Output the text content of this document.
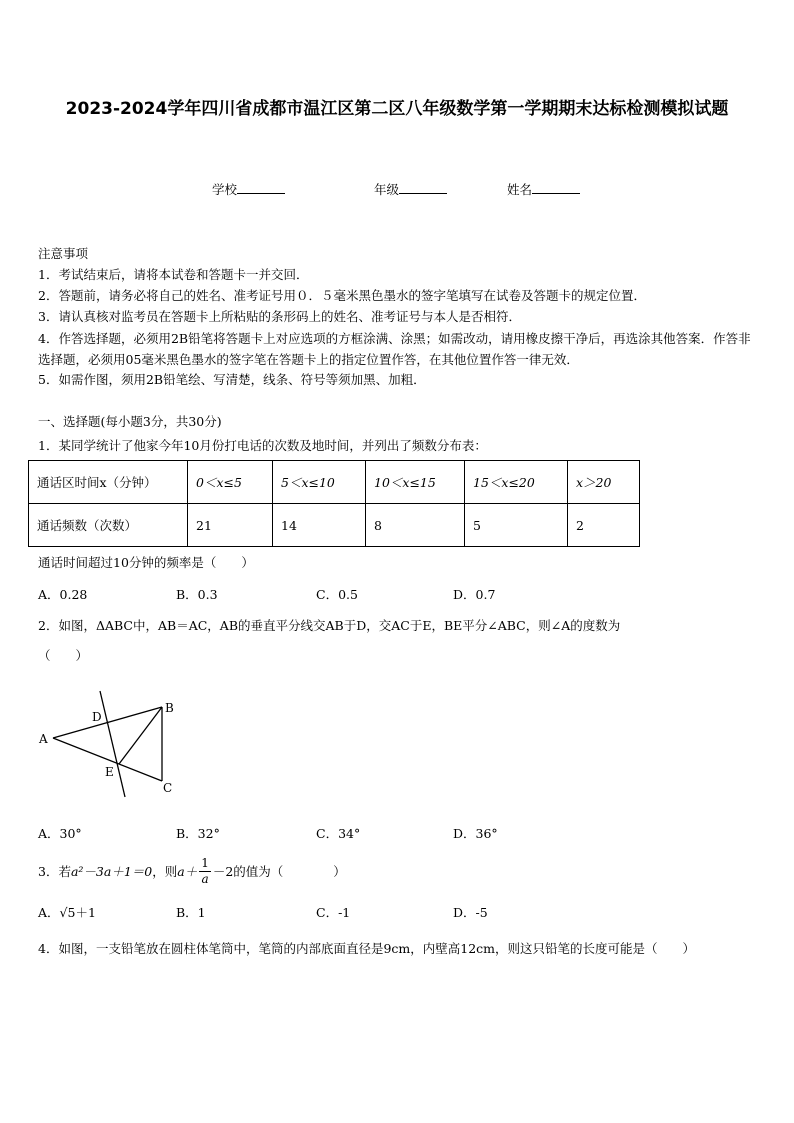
2023-2024学年四川省成都市温江区第二区八年级数学第一学期期末达标检测模拟试题
学校	年级	姓名
注意事项
1．考试结束后，请将本试卷和答题卡一并交回．
2．答题前，请务必将自己的姓名、准考证号用０．５毫米黑色墨水的签字笔填写在试卷及答题卡的规定位置．
3．请认真核对监考员在答题卡上所粘贴的条形码上的姓名、准考证号与本人是否相符．
4．作答选择题，必须用2B铅笔将答题卡上对应选项的方框涂满、涂黑；如需改动，请用橡皮擦干净后，再选涂其他答案．作答非选择题，必须用05毫米黑色墨水的签字笔在答题卡上的指定位置作答，在其他位置作答一律无效．
5．如需作图，须用2B铅笔绘、写清楚，线条、符号等须加黑、加粗．
一、选择题(每小题3分，共30分)
1．某同学统计了他家今年10月份打电话的次数及地时间，并列出了频数分布表：
通话区时间x（分钟）	0＜x≤5	5＜x≤10	10＜x≤15	15＜x≤20	x＞20
通话频数（次数）	21	14	8	5	2
通话时间超过10分钟的频率是（　　）
A．0.28	B．0.3	C．0.5	D．0.7
2．如图，ΔABC中，AB＝AC，AB的垂直平分线交AB于D，交AC于E，BE平分∠ABC，则∠A的度数为
（　　）
A
B
C
D
E
A．30°	B．32°	C．34°	D．36°
3．若 a²－3a＋1＝0 ，则 a＋
1
a －2 的值为（　　　　）
A．√5＋1	B．1	C．-1	D．-5
4．如图，一支铅笔放在圆柱体笔筒中，笔筒的内部底面直径是9cm，内壁高12cm，则这只铅笔的长度可能是（　　）
